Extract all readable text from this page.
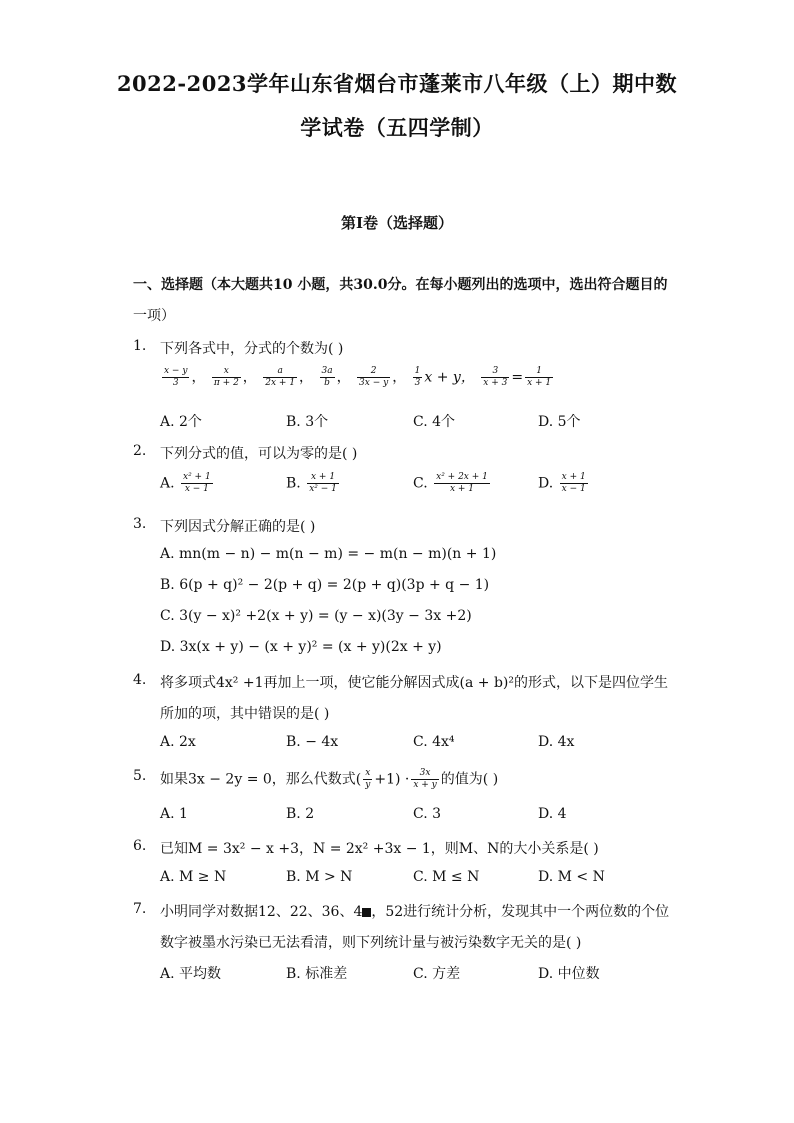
2022-2023学年山东省烟台市蓬莱市八年级（上）期中数
学试卷（五四学制）
第I卷（选择题）
一、选择题（本大题共10 小题，共30.0分。在每小题列出的选项中，选出符合题目的
一项）
1. 下列各式中，分式的个数为( )
$\frac{x - y}{3}$ ， $\frac{x}{\pi + 2}$ ， $\frac{a}{2x + 1}$ ， $\frac{3a}{b}$ ， $\frac{2}{3x - y}$ ， $\frac{1}{3}$ x + y， $\frac{3}{x + 3} = \frac{1}{x + 1}$
A. 2个	B. 3个	C. 4个	D. 5个
2. 下列分式的值，可以为零的是( )
A. $\frac{\text{x² + 1}}{x - 1}$	B. $\frac{x + 1}{\text{x² − 1}}$	C. $\frac{\text{x² + 2x + 1}}{x + 1}$	D. $\frac{x + 1}{x - 1}$
3. 下列因式分解正确的是( )
A. mn(m − n) − m(n − m) = − m(n − m)(n + 1)
B. 6(p + q)² − 2(p + q) = 2(p + q)(3p + q − 1)
C. 3(y − x)² +2(x + y) = (y − x)(3y − 3x +2)
D. 3x(x + y) − (x + y)² = (x + y)(2x + y)
4. 将多项式4x² +1再加上一项，使它能分解因式成(a + b)²的形式，以下是四位学生
所加的项，其中错误的是( )
A. 2x	B. − 4x	C. 4x⁴	D. 4x
5. 如果3x − 2y = 0，那么代数式( $\frac{x}{y} +1) \cdot \frac{3x}{x + y}$ 的值为( )
A. 1	B. 2	C. 3	D. 4
6. 已知M = 3x² − x +3，N = 2x² +3x − 1，则M、N的大小关系是( )
A. M ≥ N	B. M > N	C. M ≤ N	D. M < N
7. 小明同学对数据12、22、36、4 ，52进行统计分析，发现其中一个两位数的个位
数字被墨水污染已无法看清，则下列统计量与被污染数字无关的是( )
A. 平均数	B. 标准差	C. 方差	D. 中位数
